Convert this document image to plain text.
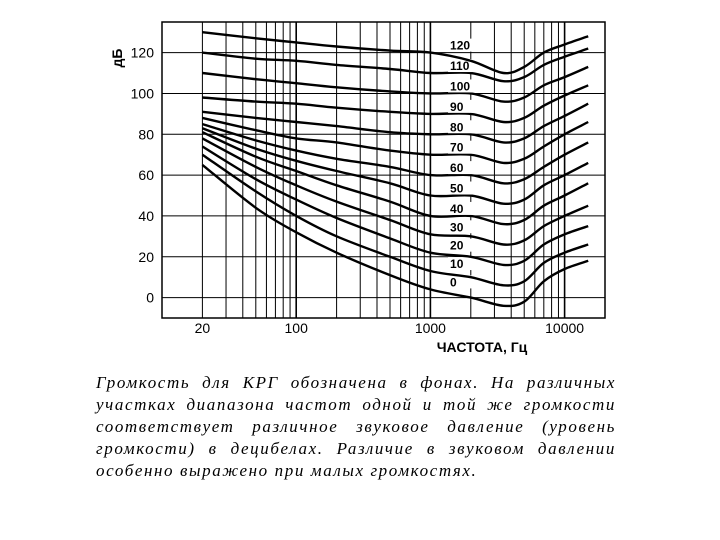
0
10
20
30
40
50
60
70
80
90
100
110
120
0
20
40
60
80
100
120
20	100	1000	10000
дБ
ЧАСТОТА, Гц

Громкость для КРГ обозначена в фонах. На различных участках диапазона частот одной и той же громкости соответствует различное звуковое давление (уровень громкости) в децибелах. Различие в звуковом давлении особенно выражено при малых громкостях.
